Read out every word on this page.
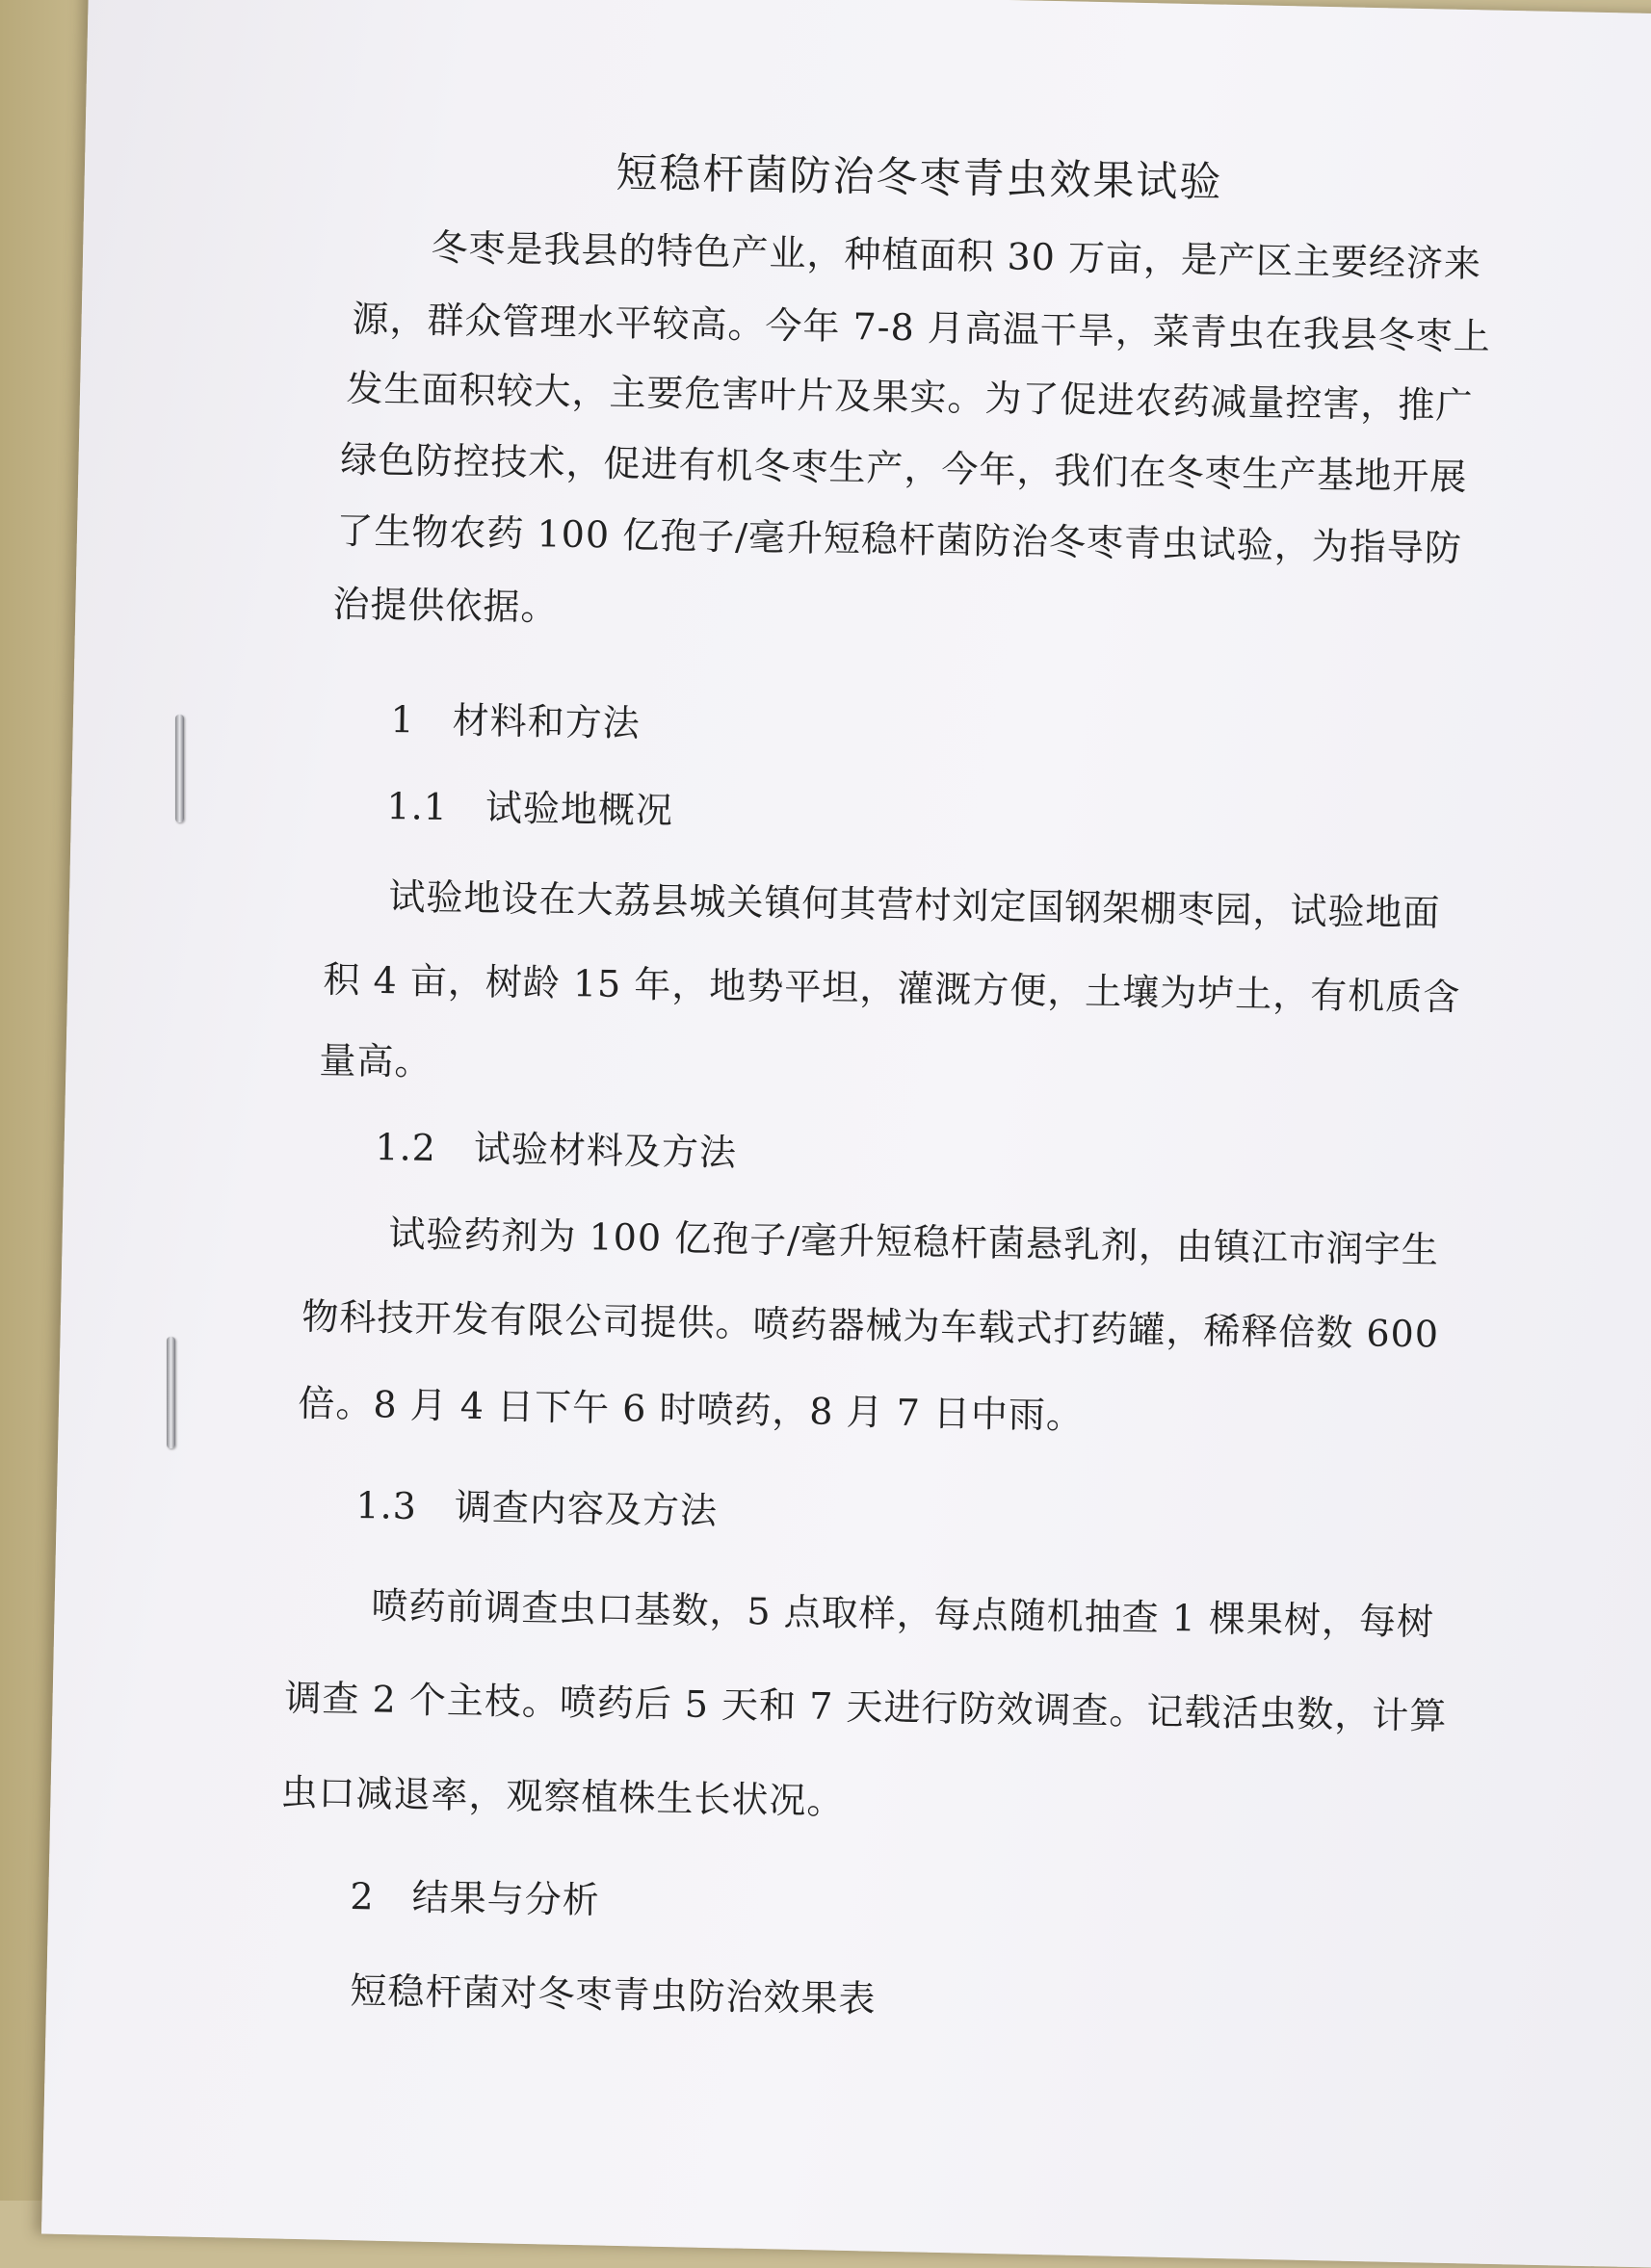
短稳杆菌防治冬枣青虫效果试验
冬枣是我县的特色产业，种植面积 30 万亩，是产区主要经济来
源，群众管理水平较高。今年 7-8 月高温干旱，菜青虫在我县冬枣上
发生面积较大，主要危害叶片及果实。为了促进农药减量控害，推广
绿色防控技术，促进有机冬枣生产，今年，我们在冬枣生产基地开展
了生物农药 100 亿孢子/毫升短稳杆菌防治冬枣青虫试验，为指导防
治提供依据。
1　材料和方法
1.1　试验地概况
试验地设在大荔县城关镇何其营村刘定国钢架棚枣园，试验地面
积 4 亩，树龄 15 年，地势平坦，灌溉方便，土壤为垆土，有机质含
量高。
1.2　试验材料及方法
试验药剂为 100 亿孢子/毫升短稳杆菌悬乳剂，由镇江市润宇生
物科技开发有限公司提供。喷药器械为车载式打药罐，稀释倍数 600
倍。8 月 4 日下午 6 时喷药，8 月 7 日中雨。
1.3　调查内容及方法
喷药前调查虫口基数，5 点取样，每点随机抽查 1 棵果树，每树
调查 2 个主枝。喷药后 5 天和 7 天进行防效调查。记载活虫数，计算
虫口减退率，观察植株生长状况。
2　结果与分析
短稳杆菌对冬枣青虫防治效果表
